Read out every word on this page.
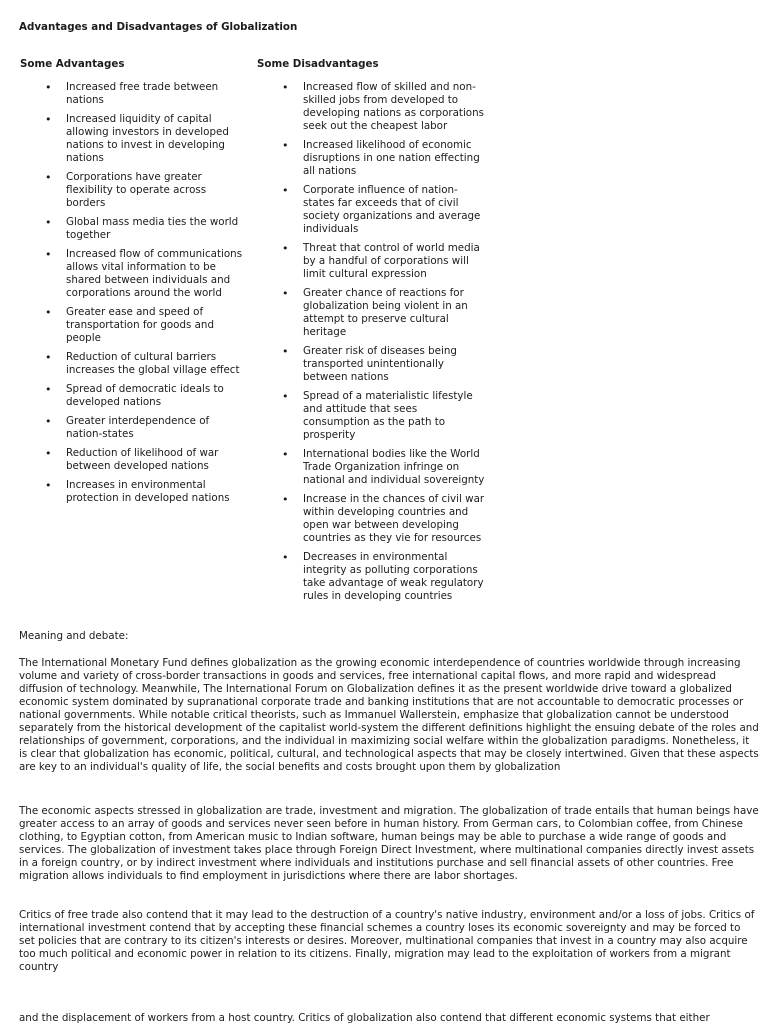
Advantages and Disadvantages of Globalization
Some Advantages	Some Disadvantages
• Increased free trade between nations
• Increased liquidity of capital allowing investors in developed nations to invest in developing nations
• Corporations have greater flexibility to operate across borders
• Global mass media ties the world together
• Increased flow of communications allows vital information to be shared between individuals and corporations around the world
• Greater ease and speed of transportation for goods and people
• Reduction of cultural barriers increases the global village effect
• Spread of democratic ideals to developed nations
• Greater interdependence of nation-states
• Reduction of likelihood of war between developed nations
• Increases in environmental protection in developed nations
• Increased flow of skilled and non-skilled jobs from developed to developing nations as corporations seek out the cheapest labor
• Increased likelihood of economic disruptions in one nation effecting all nations
• Corporate influence of nation-states far exceeds that of civil society organizations and average individuals
• Threat that control of world media by a handful of corporations will limit cultural expression
• Greater chance of reactions for globalization being violent in an attempt to preserve cultural heritage
• Greater risk of diseases being transported unintentionally between nations
• Spread of a materialistic lifestyle and attitude that sees consumption as the path to prosperity
• International bodies like the World Trade Organization infringe on national and individual sovereignty
• Increase in the chances of civil war within developing countries and open war between developing countries as they vie for resources
• Decreases in environmental integrity as polluting corporations take advantage of weak regulatory rules in developing countries

Meaning and debate:

The International Monetary Fund defines globalization as the growing economic interdependence of countries worldwide through increasing volume and variety of cross-border transactions in goods and services, free international capital flows, and more rapid and widespread diffusion of technology. Meanwhile, The International Forum on Globalization defines it as the present worldwide drive toward a globalized economic system dominated by supranational corporate trade and banking institutions that are not accountable to democratic processes or national governments. While notable critical theorists, such as Immanuel Wallerstein, emphasize that globalization cannot be understood separately from the historical development of the capitalist world-system the different definitions highlight the ensuing debate of the roles and relationships of government, corporations, and the individual in maximizing social welfare within the globalization paradigms. Nonetheless, it is clear that globalization has economic, political, cultural, and technological aspects that may be closely intertwined. Given that these aspects are key to an individual's quality of life, the social benefits and costs brought upon them by globalization

The economic aspects stressed in globalization are trade, investment and migration. The globalization of trade entails that human beings have greater access to an array of goods and services never seen before in human history. From German cars, to Colombian coffee, from Chinese clothing, to Egyptian cotton, from American music to Indian software, human beings may be able to purchase a wide range of goods and services. The globalization of investment takes place through Foreign Direct Investment, where multinational companies directly invest assets in a foreign country, or by indirect investment where individuals and institutions purchase and sell financial assets of other countries. Free migration allows individuals to find employment in jurisdictions where there are labor shortages.

Critics of free trade also contend that it may lead to the destruction of a country's native industry, environment and/or a loss of jobs. Critics of international investment contend that by accepting these financial schemes a country loses its economic sovereignty and may be forced to set policies that are contrary to its citizen's interests or desires. Moreover, multinational companies that invest in a country may also acquire too much political and economic power in relation to its citizens. Finally, migration may lead to the exploitation of workers from a migrant country

and the displacement of workers from a host country. Critics of globalization also contend that different economic systems that either
